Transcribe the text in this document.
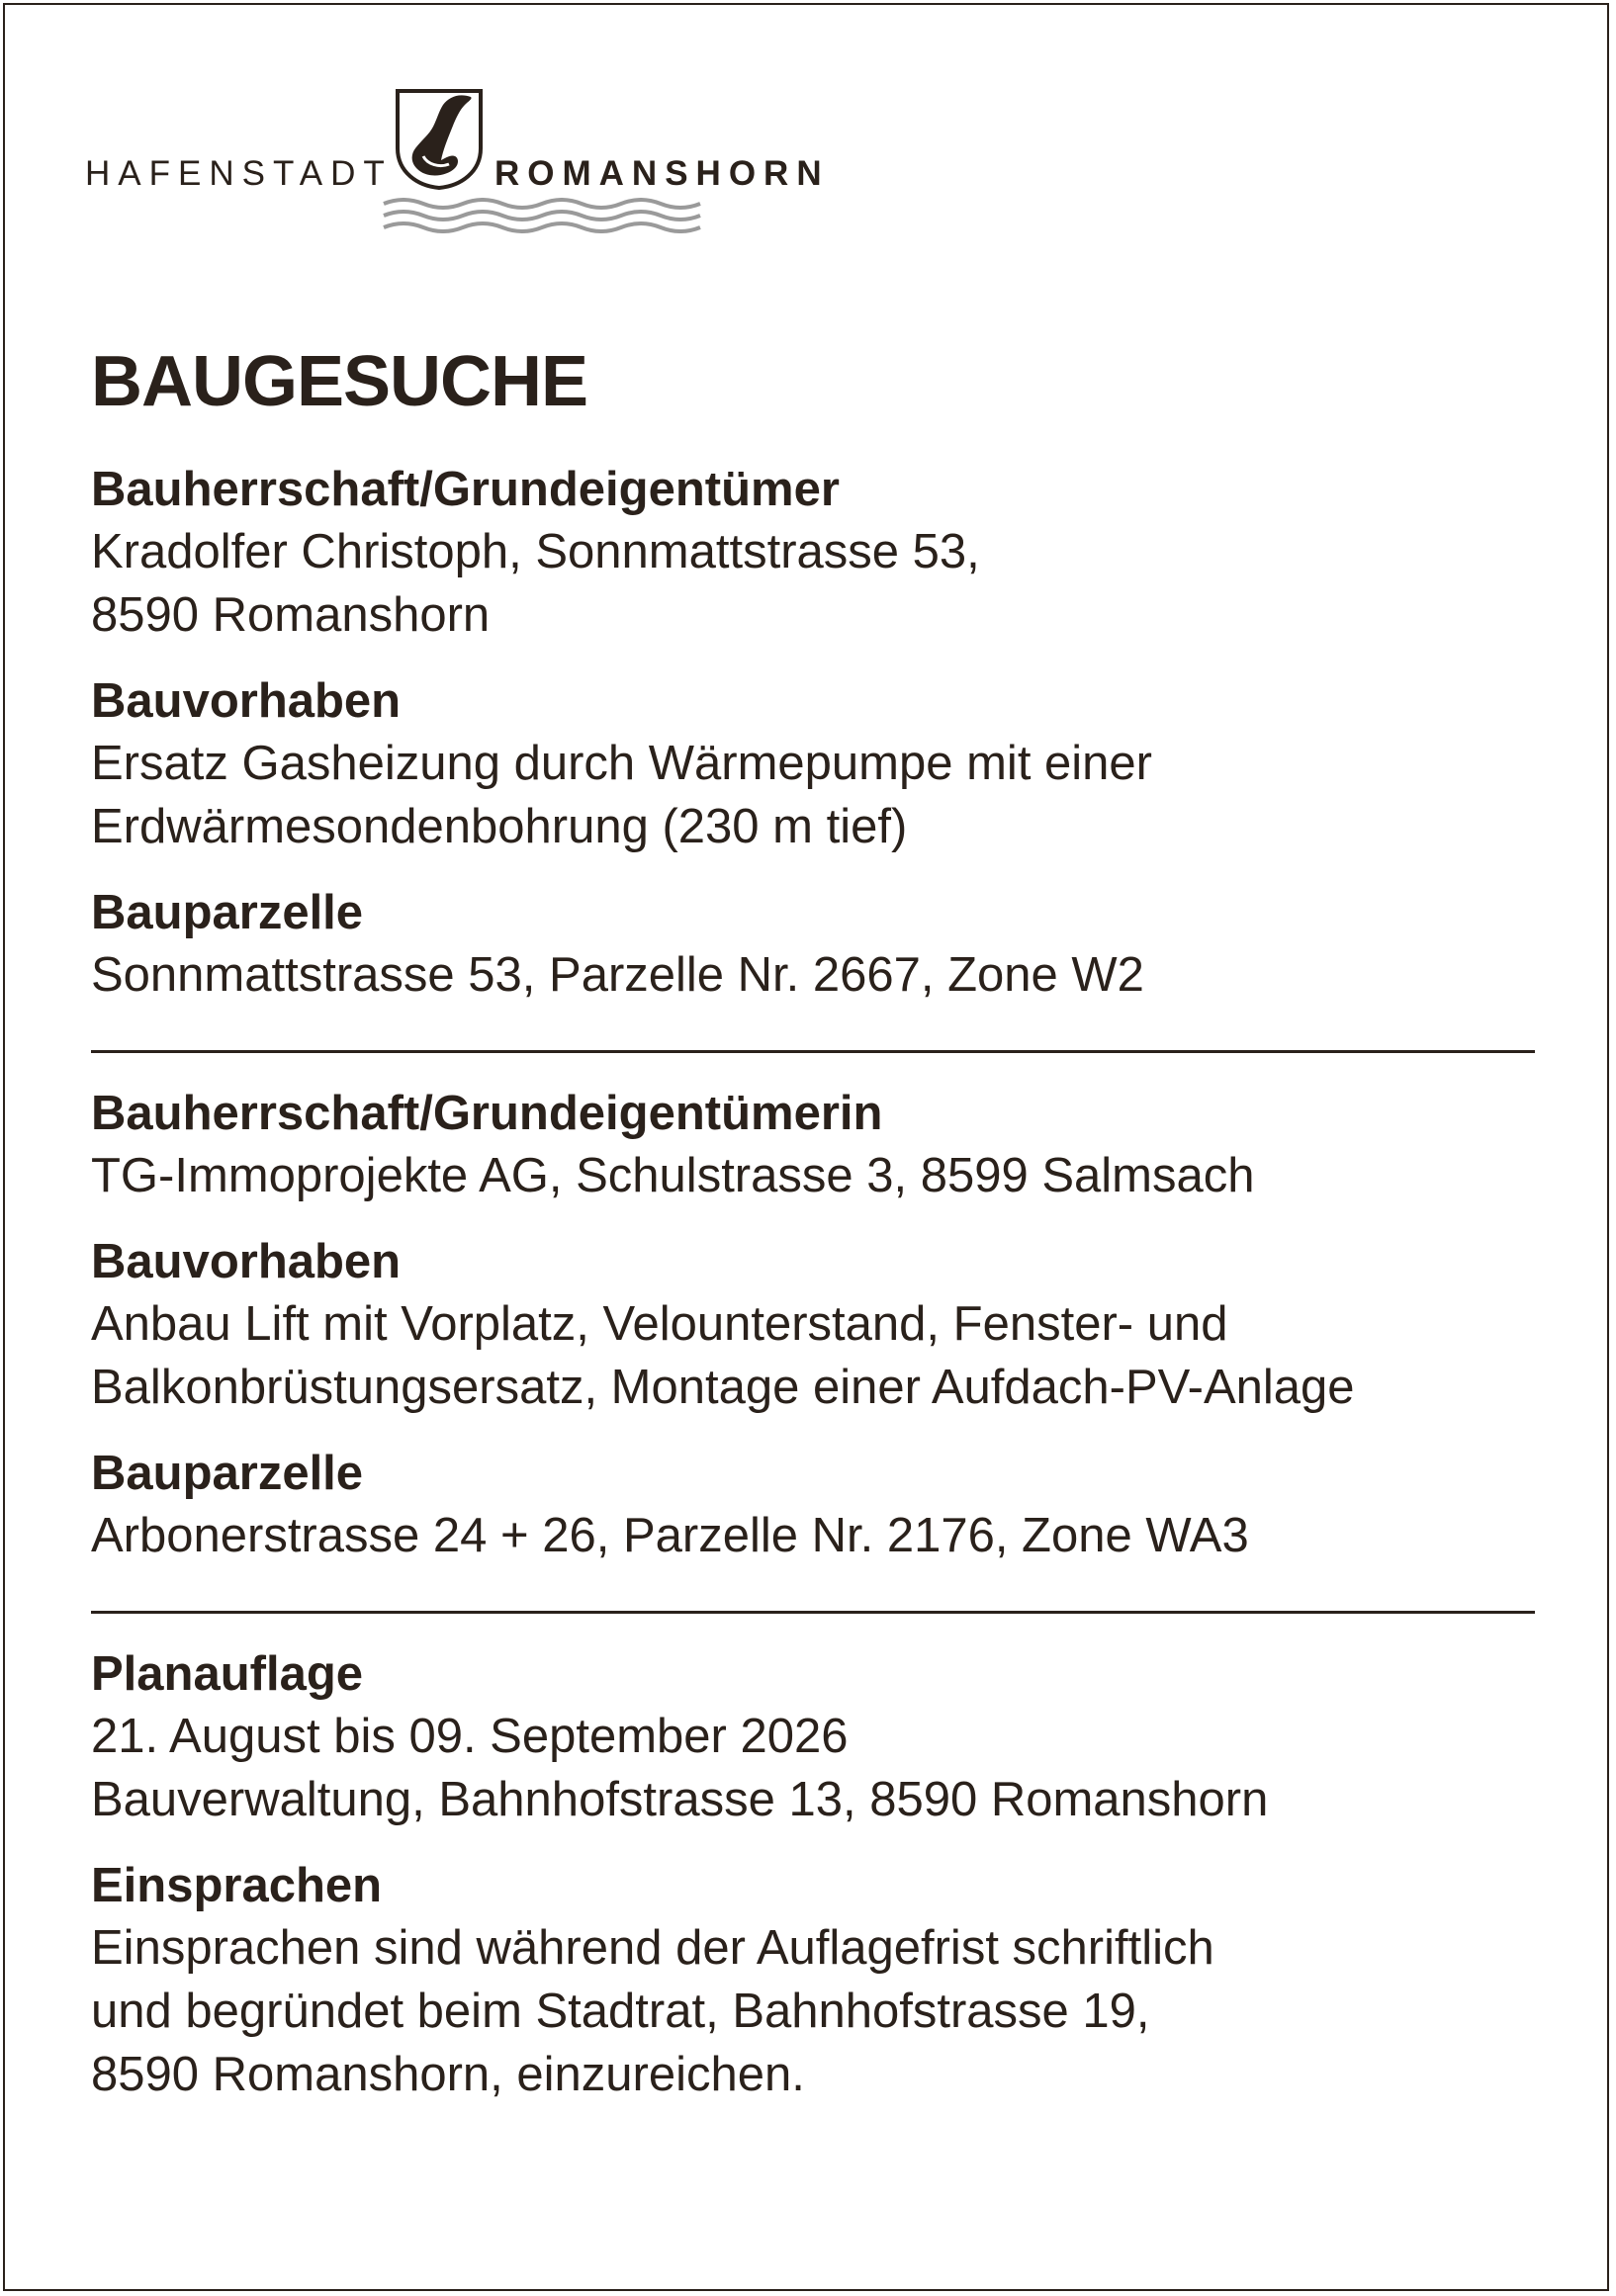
HAFENSTADT	ROMANSHORN
BAUGESUCHE

Bauherrschaft/Grundeigentümer

Kradolfer Christoph, Sonnmattstrasse 53,

8590 Romanshorn

Bauvorhaben

Ersatz Gasheizung durch Wärmepumpe mit einer

Erdwärmesondenbohrung (230 m tief)

Bauparzelle

Sonnmattstrasse 53, Parzelle Nr. 2667, Zone W2

Bauherrschaft/Grundeigentümerin

TG-Immoprojekte AG, Schulstrasse 3, 8599 Salmsach

Bauvorhaben

Anbau Lift mit Vorplatz, Velounterstand, Fenster- und

Balkonbrüstungsersatz, Montage einer Aufdach-PV-Anlage

Bauparzelle

Arbonerstrasse 24 + 26, Parzelle Nr. 2176, Zone WA3

Planauflage

21. August bis 09. September 2026

Bauverwaltung, Bahnhofstrasse 13, 8590 Romanshorn

Einsprachen

Einsprachen sind während der Auflagefrist schriftlich

und begründet beim Stadtrat, Bahnhofstrasse 19,

8590 Romanshorn, einzureichen.
